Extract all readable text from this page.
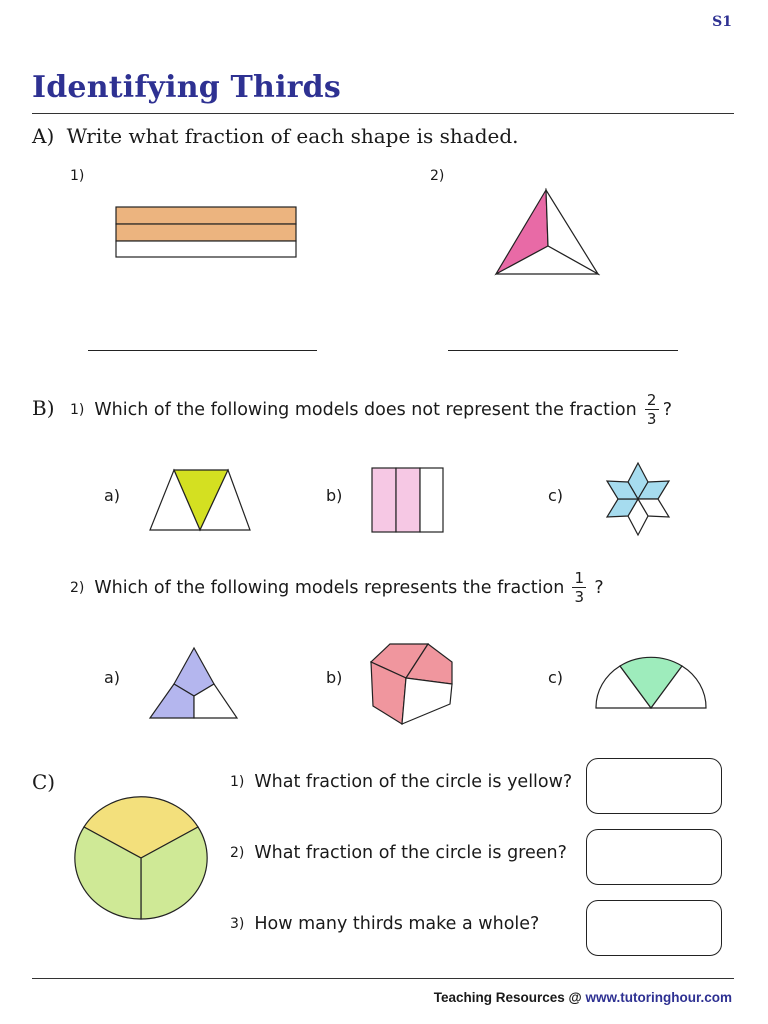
S1
Identifying Thirds
A) Write what fraction of each shape is shaded.
1)	2)
B) 1) Which of the following models does not represent the fraction $\frac{2}{3}$ ?
a)	b)	c)
2) Which of the following models represents the fraction $\frac{1}{3}$ ?
a)	b)	c)
C)	1) What fraction of the circle is yellow?
2) What fraction of the circle is green?
3) How many thirds make a whole?
Teaching Resources @ www.tutoringhour.com
